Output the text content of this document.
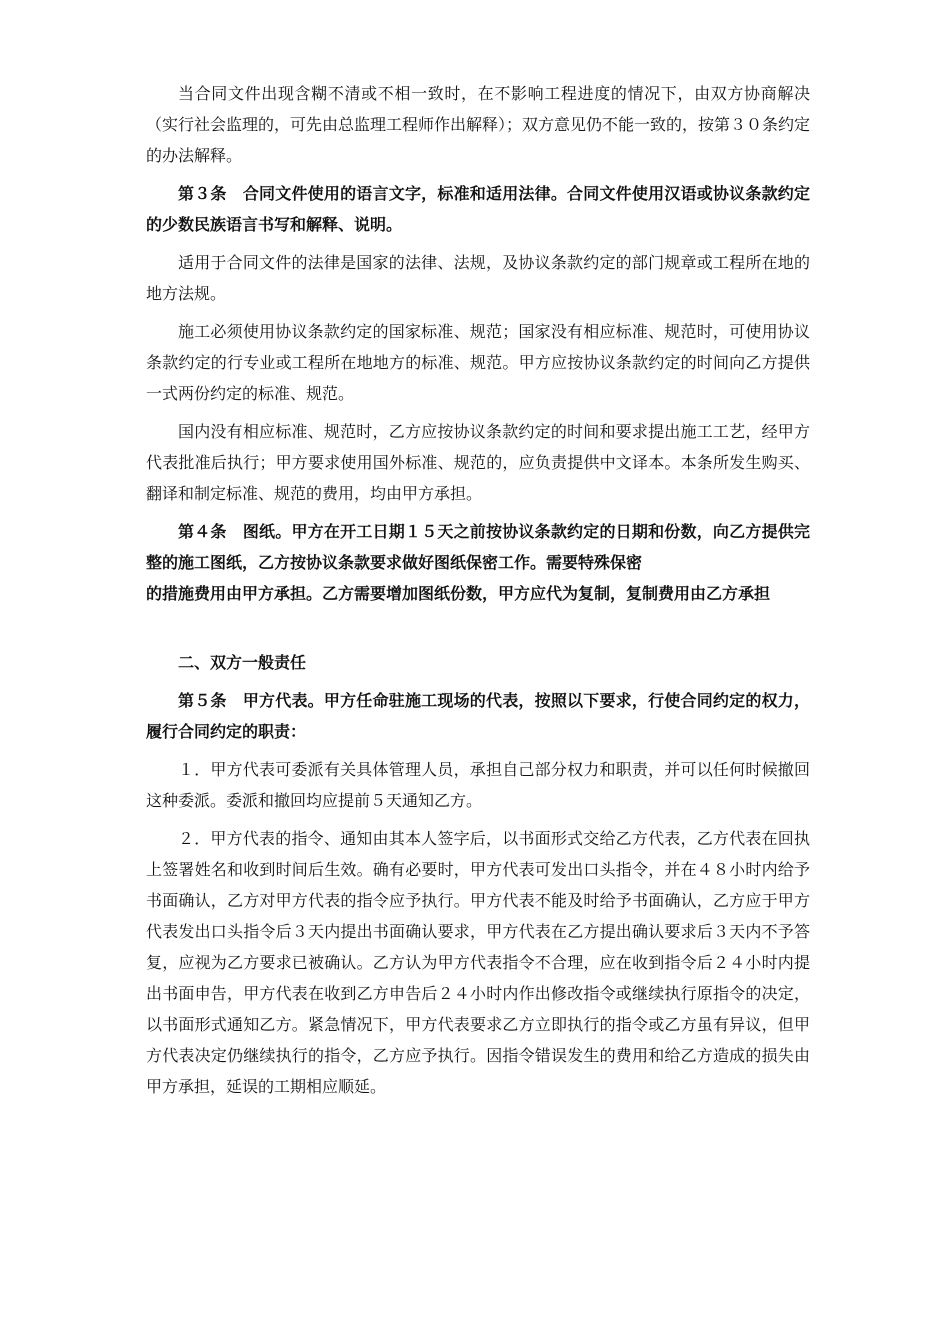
当合同文件出现含糊不清或不相一致时，在不影响工程进度的情况下，由双方协商解决（实行社会监理的，可先由总监理工程师作出解释）；双方意见仍不能一致的，按第３０条约定的办法解释。

第３条　合同文件使用的语言文字，标准和适用法律。合同文件使用汉语或协议条款约定的少数民族语言书写和解释、说明。

适用于合同文件的法律是国家的法律、法规，及协议条款约定的部门规章或工程所在地的地方法规。

施工必须使用协议条款约定的国家标准、规范；国家没有相应标准、规范时，可使用协议条款约定的行专业或工程所在地地方的标准、规范。甲方应按协议条款约定的时间向乙方提供一式两份约定的标准、规范。

国内没有相应标准、规范时，乙方应按协议条款约定的时间和要求提出施工工艺，经甲方代表批准后执行；甲方要求使用国外标准、规范的，应负责提供中文译本。本条所发生购买、翻译和制定标准、规范的费用，均由甲方承担。

第４条　图纸。甲方在开工日期１５天之前按协议条款约定的日期和份数，向乙方提供完整的施工图纸，乙方按协议条款要求做好图纸保密工作。需要特殊保密

的措施费用由甲方承担。乙方需要增加图纸份数，甲方应代为复制，复制费用由乙方承担

二、双方一般责任

第５条　甲方代表。甲方任命驻施工现场的代表，按照以下要求，行使合同约定的权力，履行合同约定的职责：

１．甲方代表可委派有关具体管理人员，承担自己部分权力和职责，并可以任何时候撤回这种委派。委派和撤回均应提前５天通知乙方。

２．甲方代表的指令、通知由其本人签字后，以书面形式交给乙方代表，乙方代表在回执上签署姓名和收到时间后生效。确有必要时，甲方代表可发出口头指令，并在４８小时内给予书面确认，乙方对甲方代表的指令应予执行。甲方代表不能及时给予书面确认，乙方应于甲方代表发出口头指令后３天内提出书面确认要求，甲方代表在乙方提出确认要求后３天内不予答复，应视为乙方要求已被确认。乙方认为甲方代表指令不合理，应在收到指令后２４小时内提出书面申告，甲方代表在收到乙方申告后２４小时内作出修改指令或继续执行原指令的决定，以书面形式通知乙方。紧急情况下，甲方代表要求乙方立即执行的指令或乙方虽有异议，但甲方代表决定仍继续执行的指令，乙方应予执行。因指令错误发生的费用和给乙方造成的损失由甲方承担，延误的工期相应顺延。
